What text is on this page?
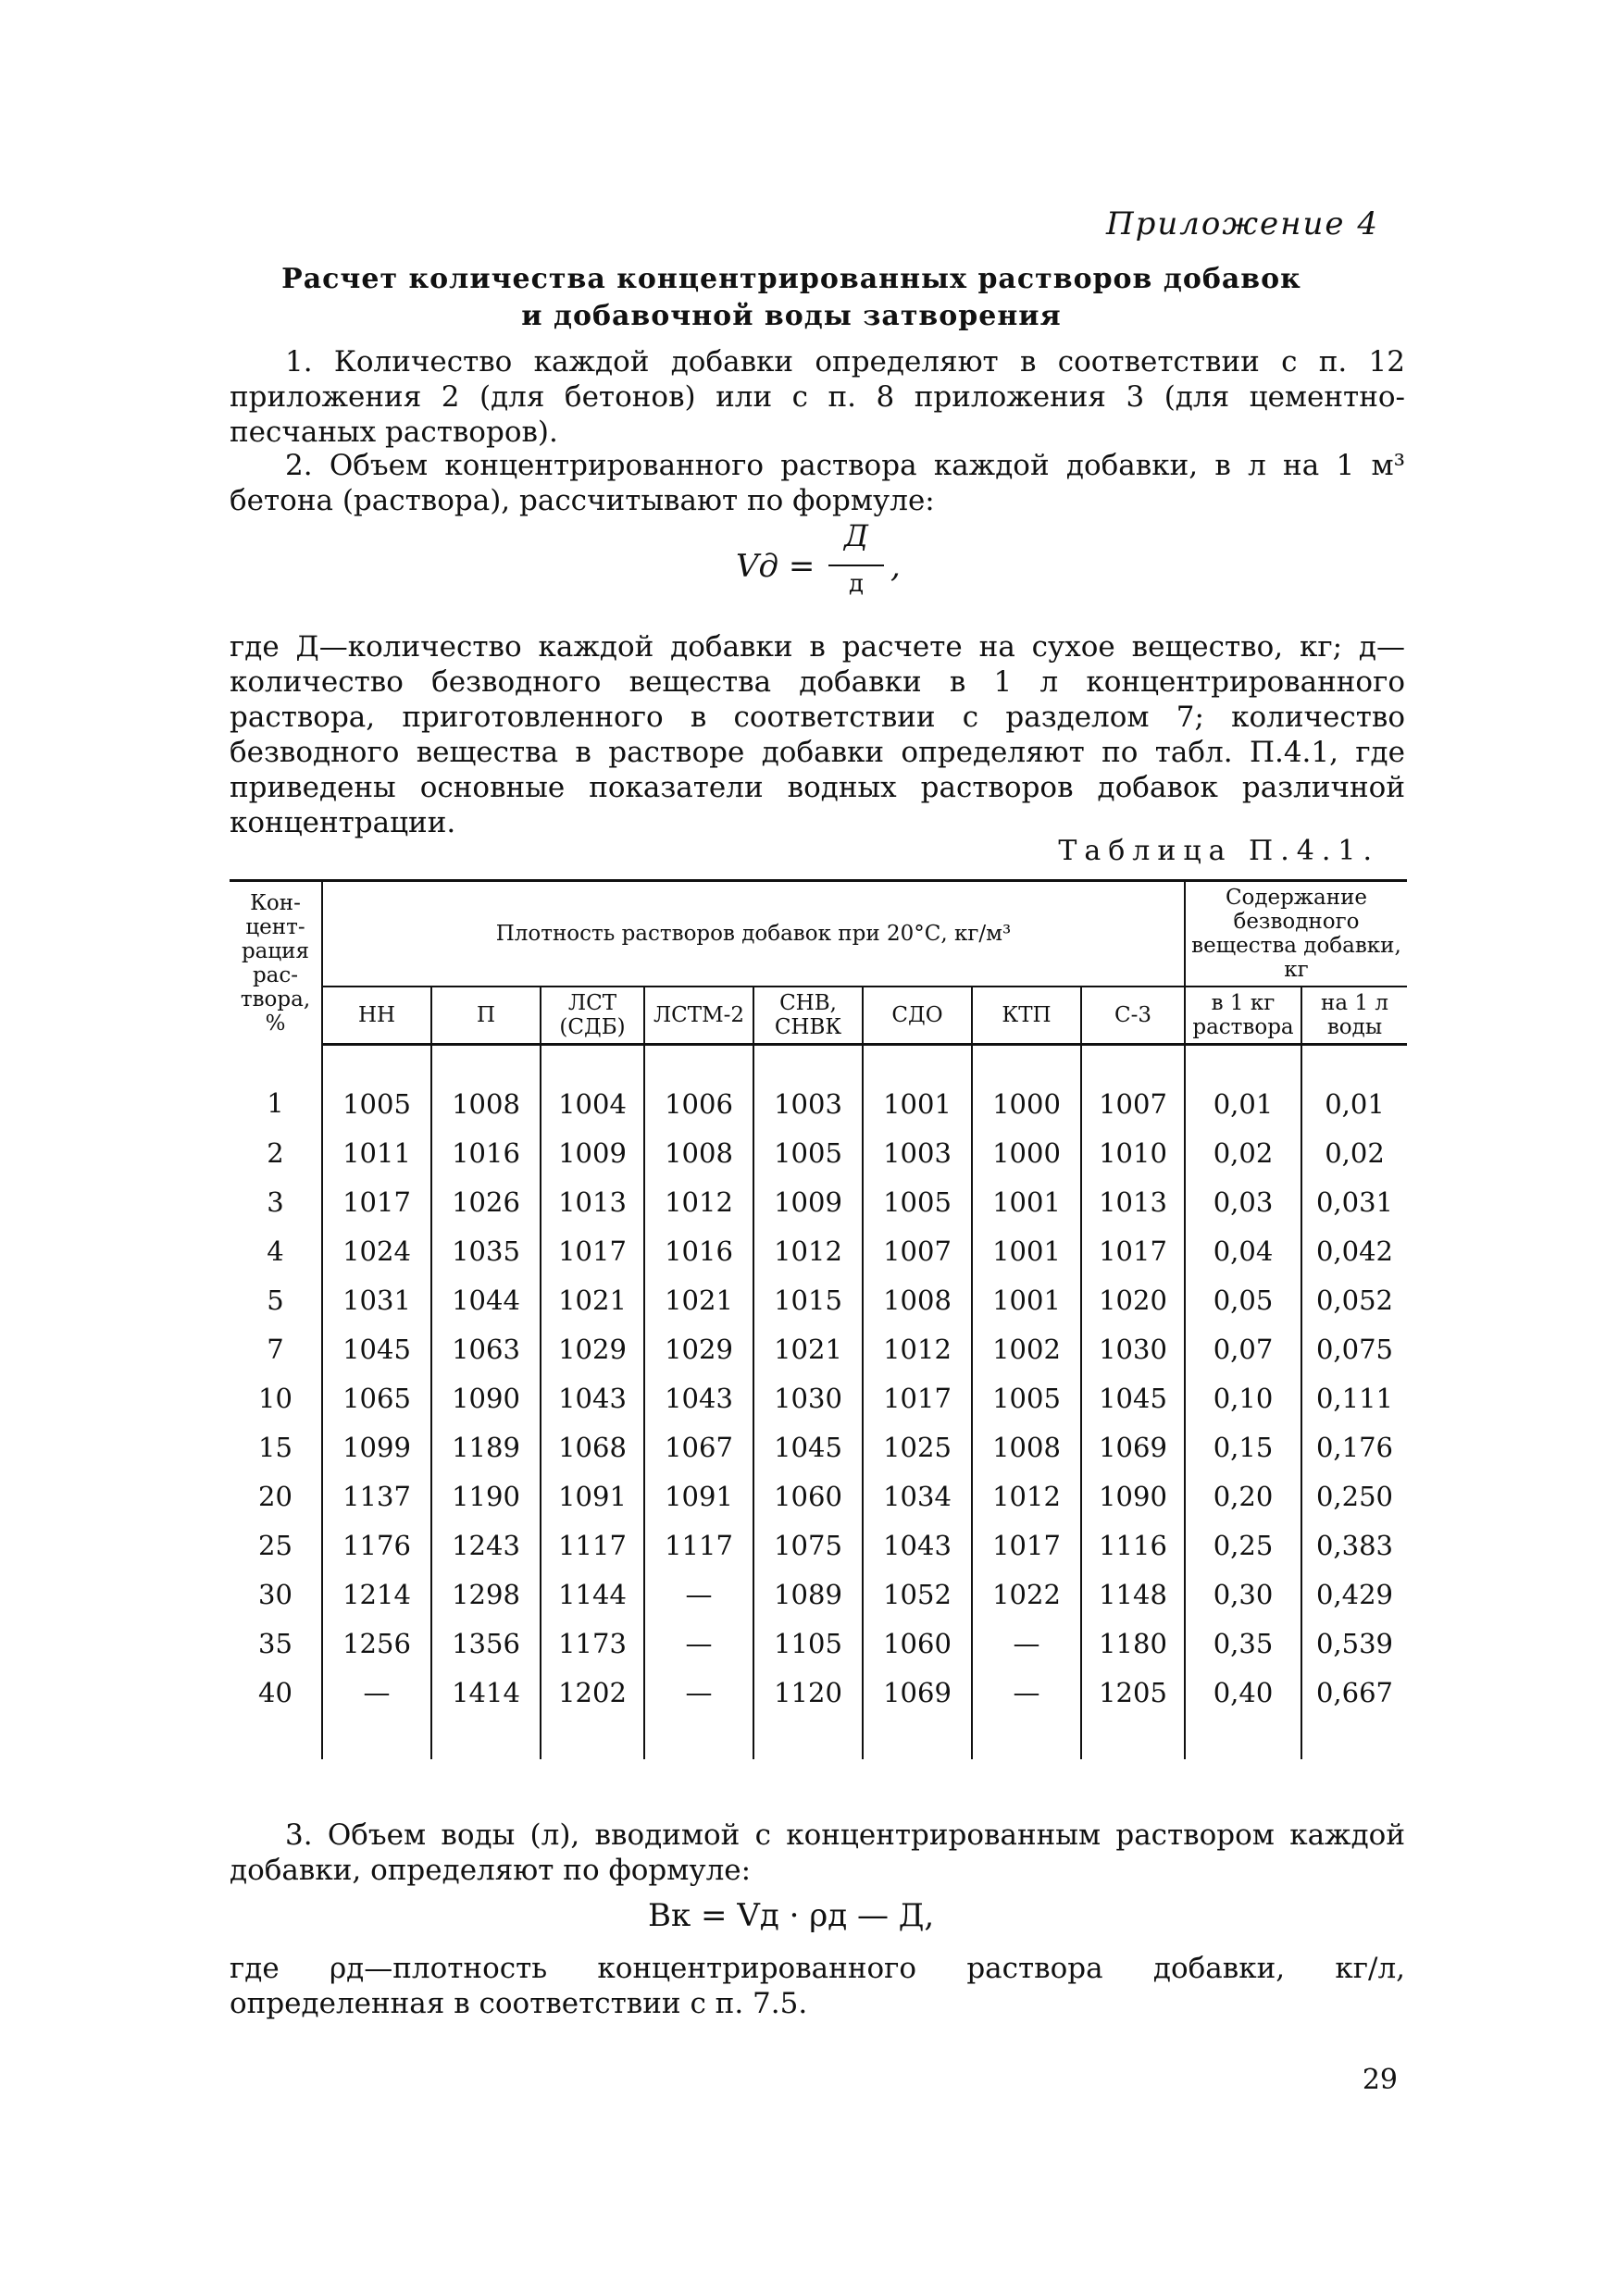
Приложение 4
Расчет количества концентрированных растворов добавок
и добавочной воды затворения
1. Количество каждой добавки определяют в соответствии с п. 12 приложения 2 (для бетонов) или с п. 8 приложения 3 (для цементно-песчаных растворов).
2. Объем концентрированного раствора каждой добавки, в л на 1 м³ бетона (раствора), рассчитывают по формуле:
Vд =
Д
д ,
где Д—количество каждой добавки в расчете на сухое вещество, кг; д—количество безводного вещества добавки в 1 л концентрированного раствора, приготовленного в соответствии с разделом 7; количество безводного вещества в растворе добавки определяют по табл. П.4.1, где приведены основные показатели водных растворов добавок различной концентрации.
Таблица П.4.1.
Кон-цент-рация рас-твора, %	Плотность растворов добавок при 20°С, кг/м³								Содержание безводного вещества добавки, кг	
	НН	П	ЛСТ (СДБ)	ЛСТМ-2	СНВ, СНВК	СДО	КТП	С-3	в 1 кг раствора	на 1 л воды
1	1005	1008	1004	1006	1003	1001	1000	1007	0,01	0,01
2	1011	1016	1009	1008	1005	1003	1000	1010	0,02	0,02
3	1017	1026	1013	1012	1009	1005	1001	1013	0,03	0,031
4	1024	1035	1017	1016	1012	1007	1001	1017	0,04	0,042
5	1031	1044	1021	1021	1015	1008	1001	1020	0,05	0,052
7	1045	1063	1029	1029	1021	1012	1002	1030	0,07	0,075
10	1065	1090	1043	1043	1030	1017	1005	1045	0,10	0,111
15	1099	1189	1068	1067	1045	1025	1008	1069	0,15	0,176
20	1137	1190	1091	1091	1060	1034	1012	1090	0,20	0,250
25	1176	1243	1117	1117	1075	1043	1017	1116	0,25	0,383
30	1214	1298	1144	—	1089	1052	1022	1148	0,30	0,429
35	1256	1356	1173	—	1105	1060	—	1180	0,35	0,539
40	—	1414	1202	—	1120	1069	—	1205	0,40	0,667
3. Объем воды (л), вводимой с концентрированным раствором каждой добавки, определяют по формуле:
Вк = Vд · ρд — Д,
где ρд—плотность концентрированного раствора добавки, кг/л, определенная в соответствии с п. 7.5.
29
